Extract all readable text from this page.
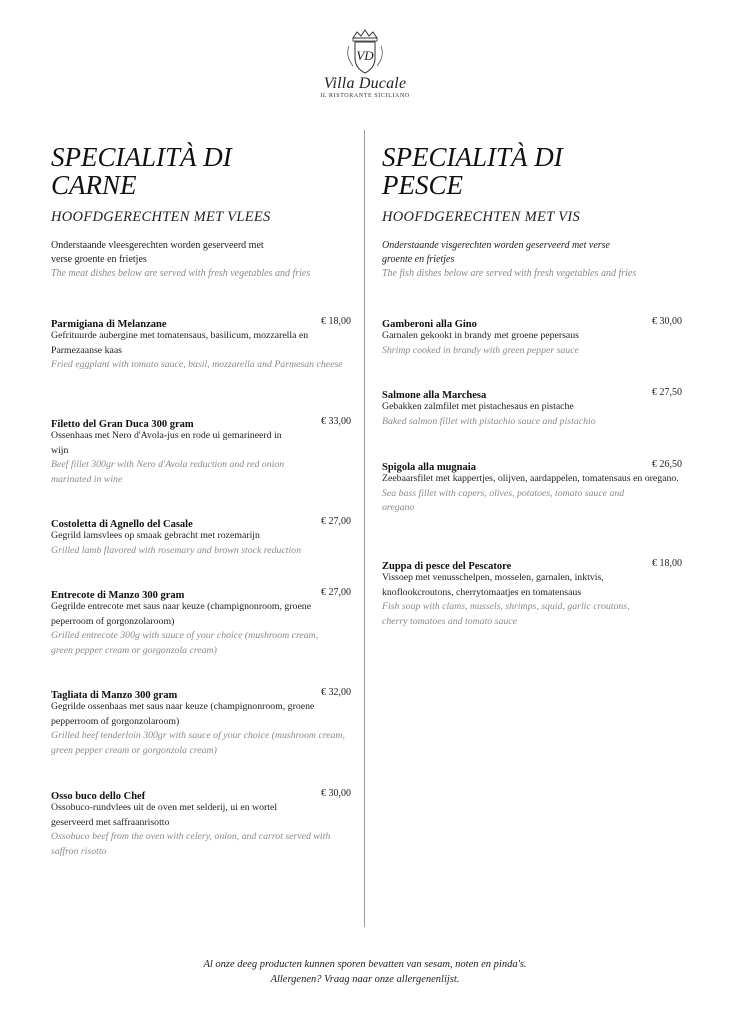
VD
Villa Ducale
IL RISTORANTE SICILIANO
SPECIALITÀ DI CARNE
HOOFDGERECHTEN MET VLEES
Onderstaande vleesgerechten worden geserveerd met verse groente en frietjes
The meat dishes below are served with fresh vegetables and fries
Parmigiana di Melanzane	€ 18,00
Gefrituurde aubergine met tomatensaus, basilicum, mozzarella en Parmezaanse kaas
Fried eggplant with tomato sauce, basil, mozzarella and Parmesan cheese
Filetto del Gran Duca 300 gram	€ 33,00
Ossenhaas met Nero d'Avola-jus en rode ui gemarineerd in wijn
Beef fillet 300gr with Nero d'Avola reduction and red onion marinated in wine
Costoletta di Agnello del Casale	€ 27,00
Gegrild lamsvlees op smaak gebracht met rozemarijn
Grilled lamb flavored with rosemary and brown stock reduction
Entrecote di Manzo 300 gram	€ 27,00
Gegrilde entrecote met saus naar keuze (champignonroom, groene peperroom of gorgonzolaroom)
Grilled entrecote 300g with sauce of your choice (mushroom cream, green pepper cream or gorgonzola cream)
Tagliata di Manzo 300 gram	€ 32,00
Gegrilde ossenhaas met saus naar keuze (champignonroom, groene pepperroom of gorgonzolaroom)
Grilled beef tenderloin 300gr with sauce of your choice (mushroom cream, green pepper cream or gorgonzola cream)
Osso buco dello Chef	€ 30,00
Ossobuco-rundvlees uit de oven met selderij, ui en wortel geserveerd met saffraanrisotto
Ossobuco beef from the oven with celery, onion, and carrot served with saffron risotto
SPECIALITÀ DI PESCE
HOOFDGERECHTEN MET VIS
Onderstaande visgerechten worden geserveerd met verse groente en frietjes
The fish dishes below are served with fresh vegetables and fries
Gamberoni alla Gino	€ 30,00
Garnalen gekookt in brandy met groene pepersaus
Shrimp cooked in brandy with green pepper sauce
Salmone alla Marchesa	€ 27,50
Gebakken zalmfilet met pistachesaus en pistache
Baked salmon fillet with pistachio sauce and pistachio
Spigola alla mugnaia	€ 26,50
Zeebaarsfilet met kappertjes, olijven, aardappelen, tomatensaus en oregano.
Sea bass fillet with capers, olives, potatoes, tomato sauce and oregano
Zuppa di pesce del Pescatore	€ 18,00
Vissoep met venusschelpen, mosselen, garnalen, inktvis, knoflookcroutons, cherrytomaatjes en tomatensaus
Fish soup with clams, mussels, shrimps, squid, garlic croutons, cherry tomatoes and tomato sauce
Al onze deeg producten kunnen sporen bevatten van sesam, noten en pinda's.
Allergenen? Vraag naar onze allergenenlijst.
